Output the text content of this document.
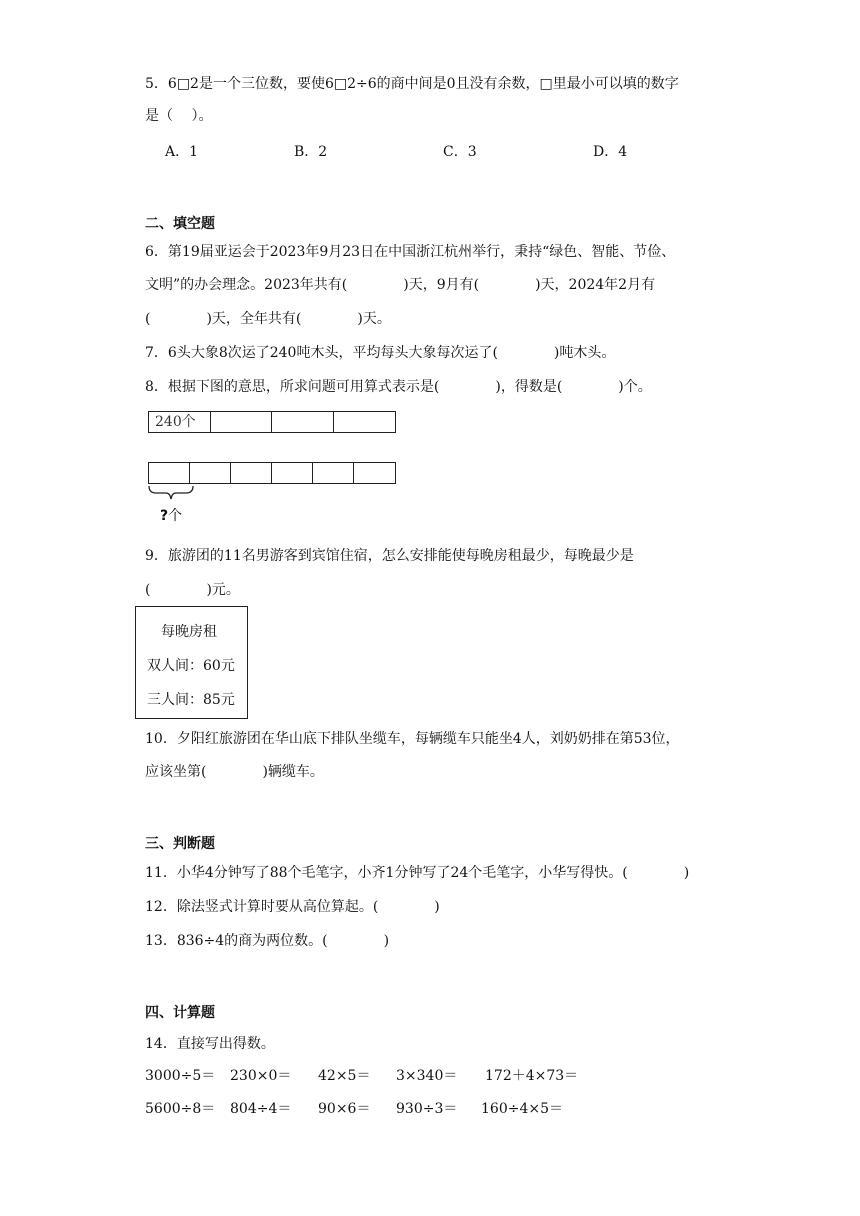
5．6□2是一个三位数，要使6□2÷6的商中间是0且没有余数，□里最小可以填的数字
是（　 ）。
A．1	B．2	C．3	D．4
二、填空题
6．第19届亚运会于2023年9月23日在中国浙江杭州举行，秉持“绿色、智能、节俭、
文明”的办会理念。2023年共有(　　　　)天，9月有(　　　　)天，2024年2月有
(　　　　)天，全年共有(　　　　)天。
7．6头大象8次运了240吨木头，平均每头大象每次运了(　　　　)吨木头。
8．根据下图的意思，所求问题可用算式表示是(　　　　)，得数是(　　　　)个。
240个
?个
9．旅游团的11名男游客到宾馆住宿，怎么安排能使每晚房租最少，每晚最少是
(　　　　)元。
每晚房租
双人间：60元
三人间：85元
10．夕阳红旅游团在华山底下排队坐缆车，每辆缆车只能坐4人，刘奶奶排在第53位，
应该坐第(　　　　)辆缆车。
三、判断题
11．小华4分钟写了88个毛笔字，小齐1分钟写了24个毛笔字，小华写得快。(　　　　)
12．除法竖式计算时要从高位算起。(　　　　)
13．836÷4的商为两位数。(　　　　)
四、计算题
14．直接写出得数。
3000÷5＝ 230×0＝ 42×5＝ 3×340＝ 172＋4×73＝
5600÷8＝ 804÷4＝ 90×6＝ 930÷3＝ 160÷4×5＝
